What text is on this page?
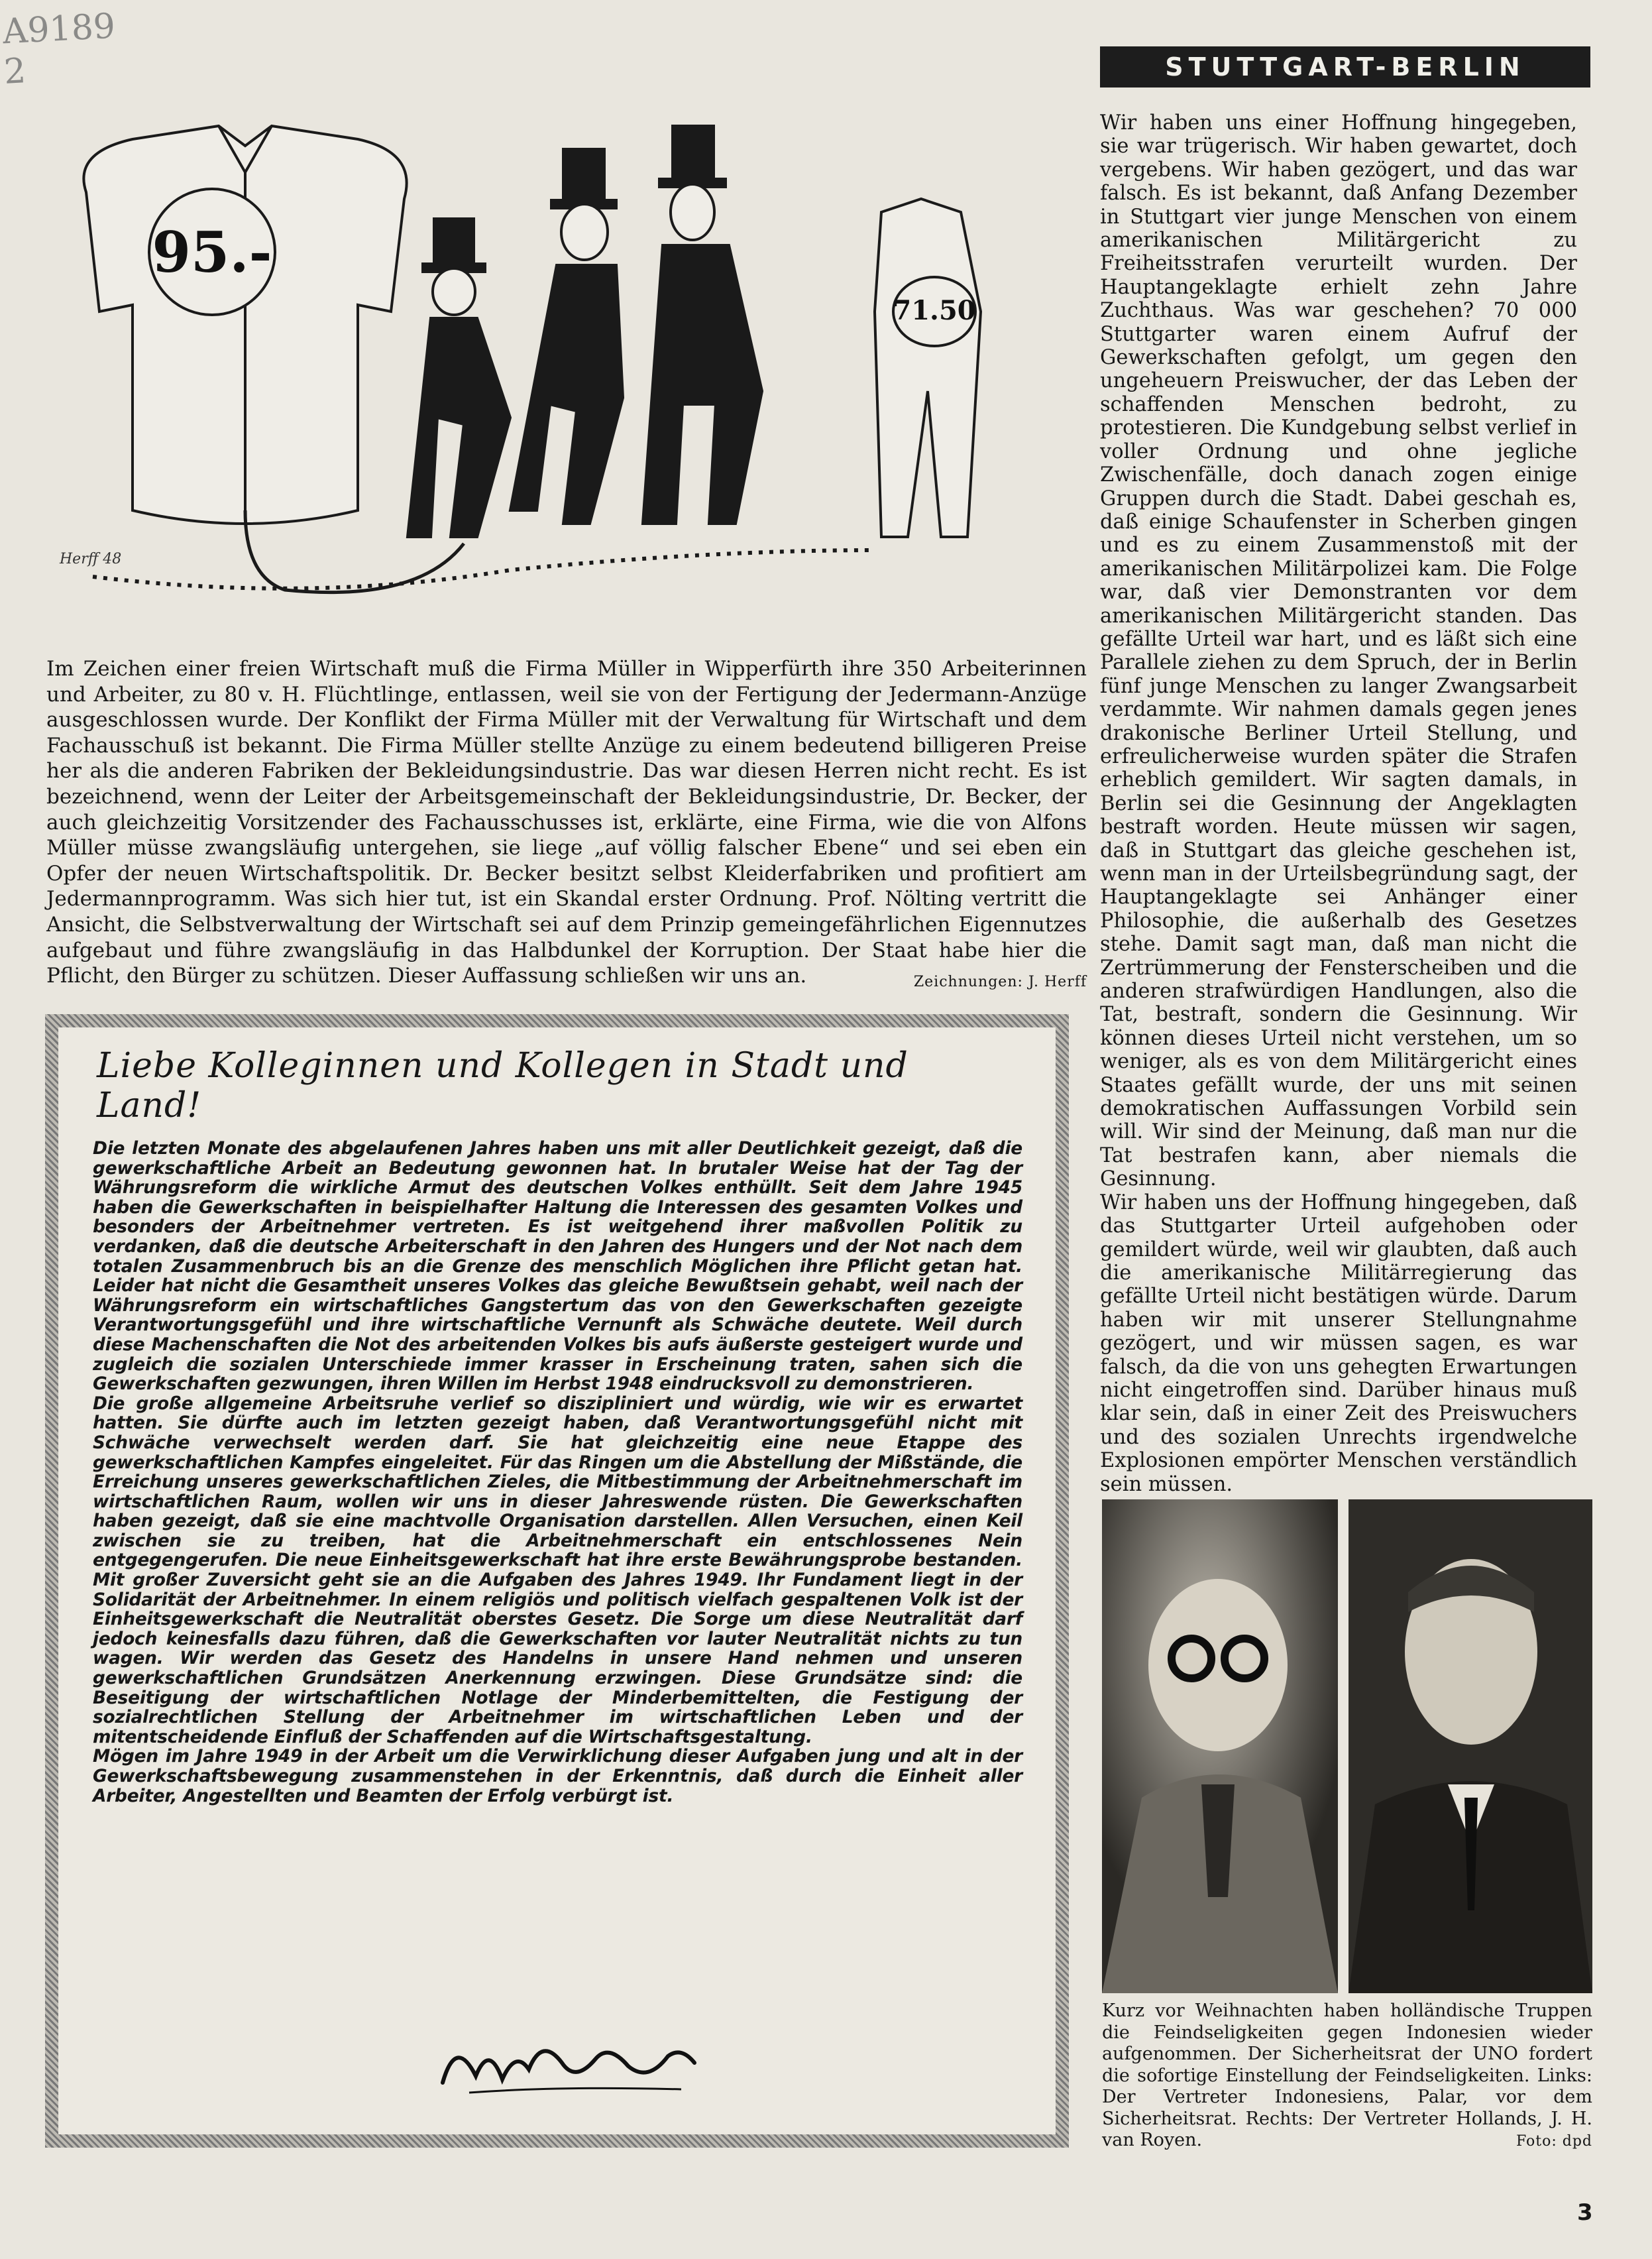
A9189
2
95.-
71.50
Herff 48
Im Zeichen einer freien Wirtschaft muß die Firma Müller in Wipperfürth ihre 350 Arbeiterinnen und Arbeiter, zu 80 v. H. Flüchtlinge, entlassen, weil sie von der Fertigung der Jedermann-Anzüge ausgeschlossen wurde. Der Konflikt der Firma Müller mit der Verwaltung für Wirtschaft und dem Fachausschuß ist bekannt. Die Firma Müller stellte Anzüge zu einem bedeutend billigeren Preise her als die anderen Fabriken der Bekleidungsindustrie. Das war diesen Herren nicht recht. Es ist bezeichnend, wenn der Leiter der Arbeitsgemeinschaft der Bekleidungsindustrie, Dr. Becker, der auch gleichzeitig Vorsitzender des Fachausschusses ist, erklärte, eine Firma, wie die von Alfons Müller müsse zwangsläufig untergehen, sie liege „auf völlig falscher Ebene“ und sei eben ein Opfer der neuen Wirtschaftspolitik. Dr. Becker besitzt selbst Kleiderfabriken und profitiert am Jedermannprogramm. Was sich hier tut, ist ein Skandal erster Ordnung. Prof. Nölting vertritt die Ansicht, die Selbstverwaltung der Wirtschaft sei auf dem Prinzip gemeingefährlichen Eigennutzes aufgebaut und führe zwangsläufig in das Halbdunkel der Korruption. Der Staat habe hier die Pflicht, den Bürger zu schützen. Dieser Auffassung schließen wir uns an.	Zeichnungen: J. Herff
STUTTGART-BERLIN

Wir haben uns einer Hoffnung hingegeben, sie war trügerisch. Wir haben gewartet, doch vergebens. Wir haben gezögert, und das war falsch. Es ist bekannt, daß Anfang Dezember in Stuttgart vier junge Menschen von einem amerikanischen Militärgericht zu Freiheitsstrafen verurteilt wurden. Der Hauptangeklagte erhielt zehn Jahre Zuchthaus. Was war geschehen? 70 000 Stuttgarter waren einem Aufruf der Gewerkschaften gefolgt, um gegen den ungeheuern Preiswucher, der das Leben der schaffenden Menschen bedroht, zu protestieren. Die Kundgebung selbst verlief in voller Ordnung und ohne jegliche Zwischenfälle, doch danach zogen einige Gruppen durch die Stadt. Dabei geschah es, daß einige Schaufenster in Scherben gingen und es zu einem Zusammenstoß mit der amerikanischen Militärpolizei kam. Die Folge war, daß vier Demonstranten vor dem amerikanischen Militärgericht standen. Das gefällte Urteil war hart, und es läßt sich eine Parallele ziehen zu dem Spruch, der in Berlin fünf junge Menschen zu langer Zwangsarbeit verdammte. Wir nahmen damals gegen jenes drakonische Berliner Urteil Stellung, und erfreulicherweise wurden später die Strafen erheblich gemildert. Wir sagten damals, in Berlin sei die Gesinnung der Angeklagten bestraft worden. Heute müssen wir sagen, daß in Stuttgart das gleiche geschehen ist, wenn man in der Urteilsbegründung sagt, der Hauptangeklagte sei Anhänger einer Philosophie, die außerhalb des Gesetzes stehe. Damit sagt man, daß man nicht die Zertrümmerung der Fensterscheiben und die anderen strafwürdigen Handlungen, also die Tat, bestraft, sondern die Gesinnung. Wir können dieses Urteil nicht verstehen, um so weniger, als es von dem Militärgericht eines Staates gefällt wurde, der uns mit seinen demokratischen Auffassungen Vorbild sein will. Wir sind der Meinung, daß man nur die Tat bestrafen kann, aber niemals die Gesinnung.

Wir haben uns der Hoffnung hingegeben, daß das Stuttgarter Urteil aufgehoben oder gemildert würde, weil wir glaubten, daß auch die amerikanische Militärregierung das gefällte Urteil nicht bestätigen würde. Darum haben wir mit unserer Stellungnahme gezögert, und wir müssen sagen, es war falsch, da die von uns gehegten Erwartungen nicht eingetroffen sind. Darüber hinaus muß klar sein, daß in einer Zeit des Preiswuchers und des sozialen Unrechts irgendwelche Explosionen empörter Menschen verständlich sein müssen.

Liebe Kolleginnen und Kollegen in Stadt und Land!

Die letzten Monate des abgelaufenen Jahres haben uns mit aller Deutlichkeit gezeigt, daß die gewerkschaftliche Arbeit an Bedeutung gewonnen hat. In brutaler Weise hat der Tag der Währungsreform die wirkliche Armut des deutschen Volkes enthüllt. Seit dem Jahre 1945 haben die Gewerkschaften in beispielhafter Haltung die Interessen des gesamten Volkes und besonders der Arbeitnehmer vertreten. Es ist weitgehend ihrer maßvollen Politik zu verdanken, daß die deutsche Arbeiterschaft in den Jahren des Hungers und der Not nach dem totalen Zusammenbruch bis an die Grenze des menschlich Möglichen ihre Pflicht getan hat. Leider hat nicht die Gesamtheit unseres Volkes das gleiche Bewußtsein gehabt, weil nach der Währungsreform ein wirtschaftliches Gangstertum das von den Gewerkschaften gezeigte Verantwortungsgefühl und ihre wirtschaftliche Vernunft als Schwäche deutete. Weil durch diese Machenschaften die Not des arbeitenden Volkes bis aufs äußerste gesteigert wurde und zugleich die sozialen Unterschiede immer krasser in Erscheinung traten, sahen sich die Gewerkschaften gezwungen, ihren Willen im Herbst 1948 eindrucksvoll zu demonstrieren.

Die große allgemeine Arbeitsruhe verlief so diszipliniert und würdig, wie wir es erwartet hatten. Sie dürfte auch im letzten gezeigt haben, daß Verantwortungsgefühl nicht mit Schwäche verwechselt werden darf. Sie hat gleichzeitig eine neue Etappe des gewerkschaftlichen Kampfes eingeleitet. Für das Ringen um die Abstellung der Mißstände, die Erreichung unseres gewerkschaftlichen Zieles, die Mitbestimmung der Arbeitnehmerschaft im wirtschaftlichen Raum, wollen wir uns in dieser Jahreswende rüsten. Die Gewerkschaften haben gezeigt, daß sie eine machtvolle Organisation darstellen. Allen Versuchen, einen Keil zwischen sie zu treiben, hat die Arbeitnehmerschaft ein entschlossenes Nein entgegengerufen. Die neue Einheitsgewerkschaft hat ihre erste Bewährungsprobe bestanden. Mit großer Zuversicht geht sie an die Aufgaben des Jahres 1949. Ihr Fundament liegt in der Solidarität der Arbeitnehmer. In einem religiös und politisch vielfach gespaltenen Volk ist der Einheitsgewerkschaft die Neutralität oberstes Gesetz. Die Sorge um diese Neutralität darf jedoch keinesfalls dazu führen, daß die Gewerkschaften vor lauter Neutralität nichts zu tun wagen. Wir werden das Gesetz des Handelns in unsere Hand nehmen und unseren gewerkschaftlichen Grundsätzen Anerkennung erzwingen. Diese Grundsätze sind: die Beseitigung der wirtschaftlichen Notlage der Minderbemittelten, die Festigung der sozialrechtlichen Stellung der Arbeitnehmer im wirtschaftlichen Leben und der mitentscheidende Einfluß der Schaffenden auf die Wirtschaftsgestaltung.

Mögen im Jahre 1949 in der Arbeit um die Verwirklichung dieser Aufgaben jung und alt in der Gewerkschaftsbewegung zusammenstehen in der Erkenntnis, daß durch die Einheit aller Arbeiter, Angestellten und Beamten der Erfolg verbürgt ist.

Kurz vor Weihnachten haben holländische Truppen die Feindseligkeiten gegen Indonesien wieder aufgenommen. Der Sicherheitsrat der UNO fordert die sofortige Einstellung der Feindseligkeiten. Links: Der Vertreter Indonesiens, Palar, vor dem Sicherheitsrat. Rechts: Der Vertreter Hollands, J. H. van Royen.	Foto: dpd
3
